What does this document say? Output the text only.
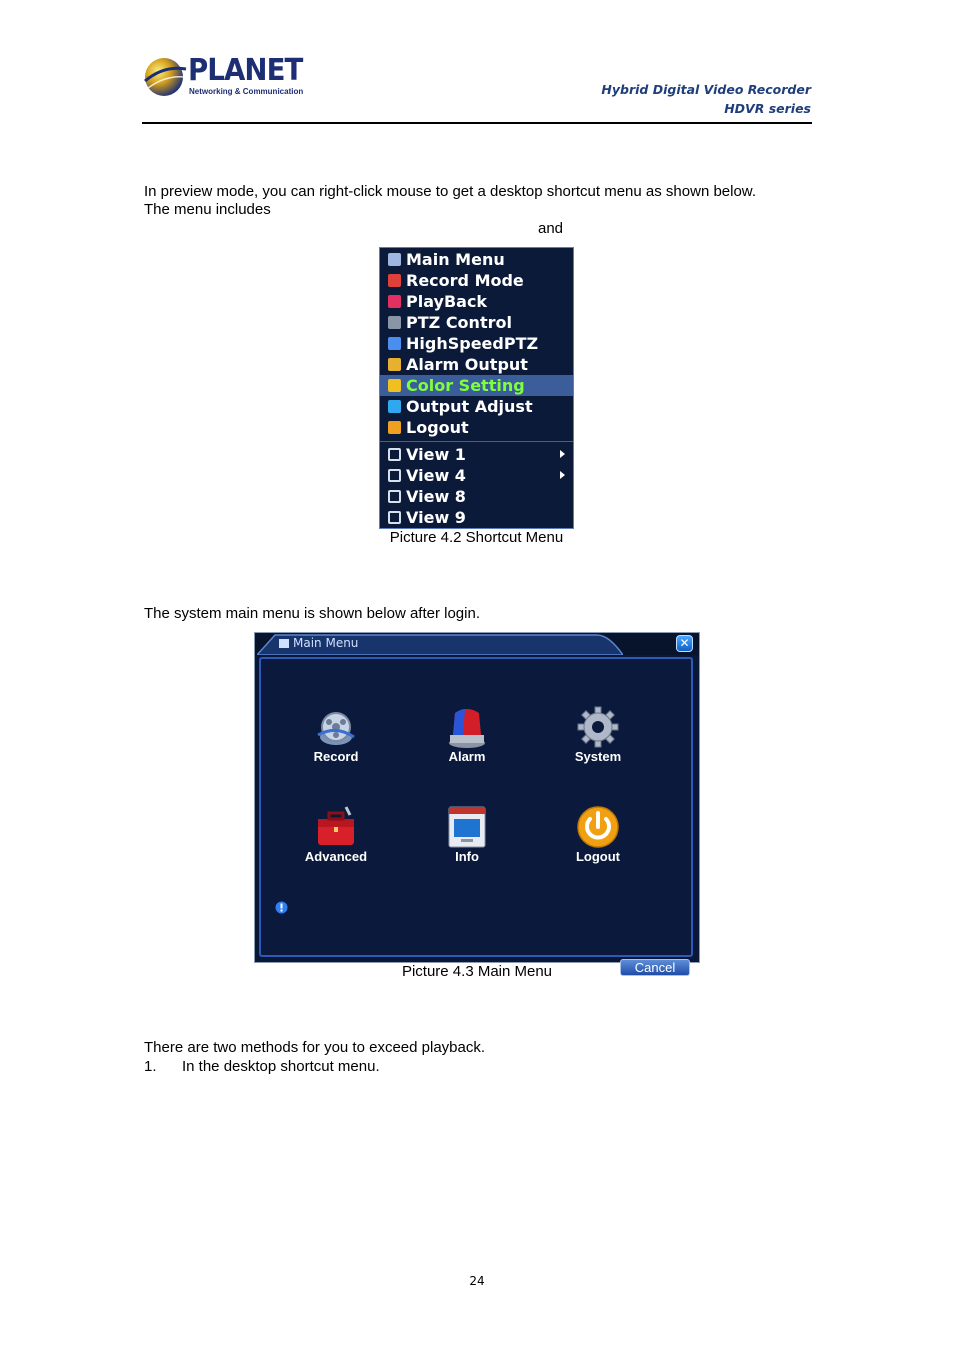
PLANET
Networking & Communication	Hybrid Digital Video Recorder
HDVR series
In preview mode, you can right-click mouse to get a desktop shortcut menu as shown below.
The menu includes
and
Main Menu
Record Mode
PlayBack
PTZ Control
HighSpeedPTZ
Alarm Output
Color Setting
Output Adjust
Logout
View 1
View 4
View 8
View 9
Picture 4.2 Shortcut Menu
The system main menu is shown below after login.
Main Menu	✕
Record	Alarm	System
Advanced	Info	Logout
Cancel
Picture 4.3 Main Menu
There are two methods for you to exceed playback.
1. In the desktop shortcut menu.
24
